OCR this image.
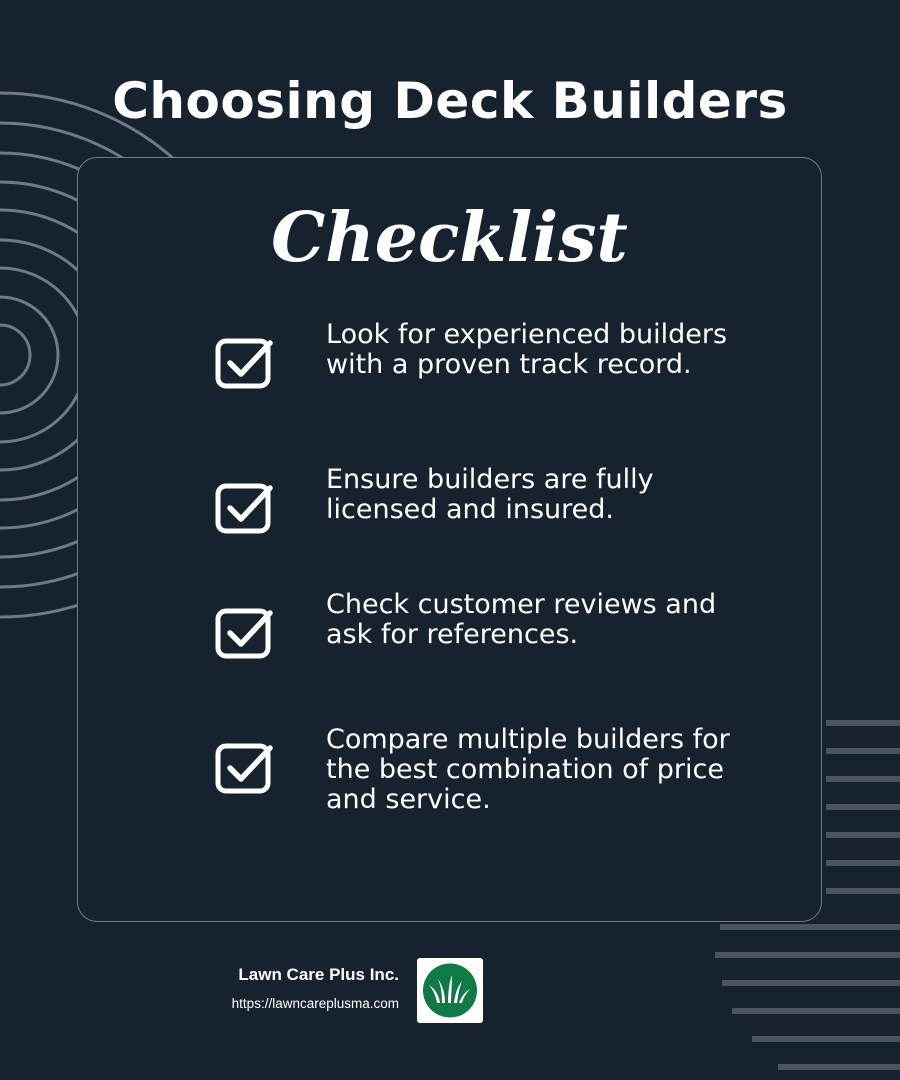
Choosing Deck Builders
Checklist
Look for experienced builders with a proven track record.
Ensure builders are fully licensed and insured.
Check customer reviews and ask for references.
Compare multiple builders for the best combination of price and service.
Lawn Care Plus Inc.
https://lawncareplusma.com
